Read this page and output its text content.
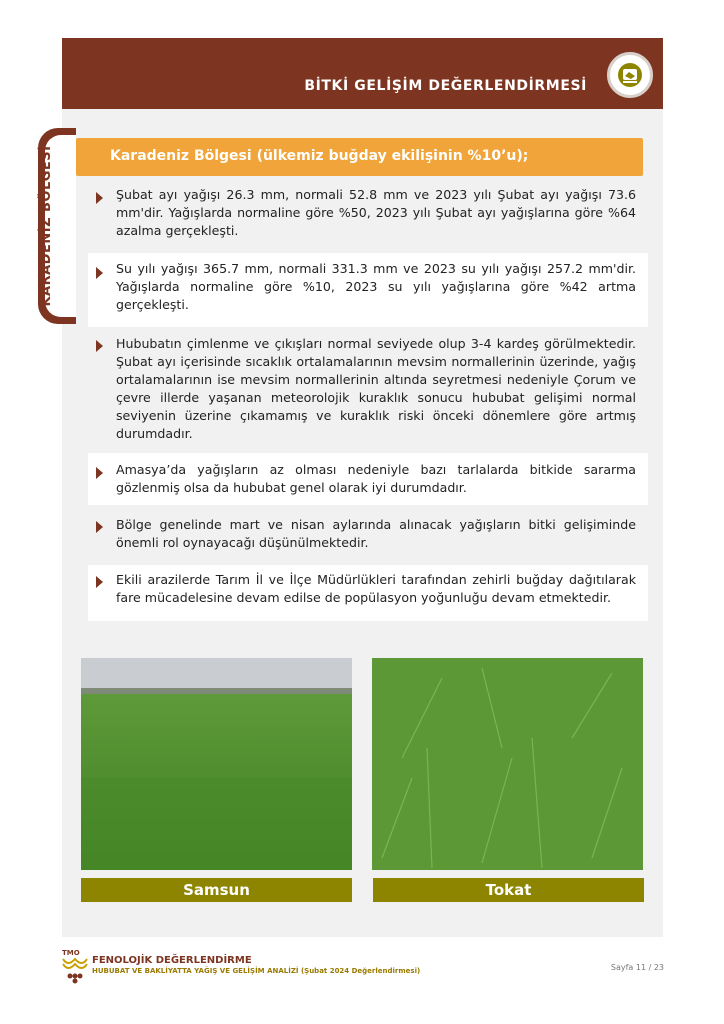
BİTKİ GELİŞİM DEĞERLENDİRMESİ
KARADENİZ BÖLGESİ	Karadeniz Bölgesi (ülkemiz buğday ekilişinin %10’u);

Şubat ayı yağışı 26.3 mm, normali 52.8 mm ve 2023 yılı Şubat ayı yağışı 73.6 mm'dir. Yağışlarda normaline göre %50, 2023 yılı Şubat ayı yağışlarına göre %64 azalma gerçekleşti.

Su yılı yağışı 365.7 mm, normali 331.3 mm ve 2023 su yılı yağışı 257.2 mm'dir. Yağışlarda normaline göre %10, 2023 su yılı yağışlarına göre %42 artma gerçekleşti.

Hububatın çimlenme ve çıkışları normal seviyede olup 3-4 kardeş görülmektedir. Şubat ayı içerisinde sıcaklık ortalamalarının mevsim normallerinin üzerinde, yağış ortalamalarının ise mevsim normallerinin altında seyretmesi nedeniyle Çorum ve çevre illerde yaşanan meteorolojik kuraklık sonucu hububat gelişimi normal seviyenin üzerine çıkamamış ve kuraklık riski önceki dönemlere göre artmış durumdadır.

Amasya’da yağışların az olması nedeniyle bazı tarlalarda bitkide sararma gözlenmiş olsa da hububat genel olarak iyi durumdadır.

Bölge genelinde mart ve nisan aylarında alınacak yağışların bitki gelişiminde önemli rol oynayacağı düşünülmektedir.

Ekili arazilerde Tarım İl ve İlçe Müdürlükleri tarafından zehirli buğday dağıtılarak fare mücadelesine devam edilse de popülasyon yoğunluğu devam etmektedir.

Samsun	Tokat
TMO
FENOLOJİK DEĞERLENDİRME
HUBUBAT VE BAKLİYATTA YAĞIŞ VE GELİŞİM ANALİZİ (Şubat 2024 Değerlendirmesi)	Sayfa 11 / 23
